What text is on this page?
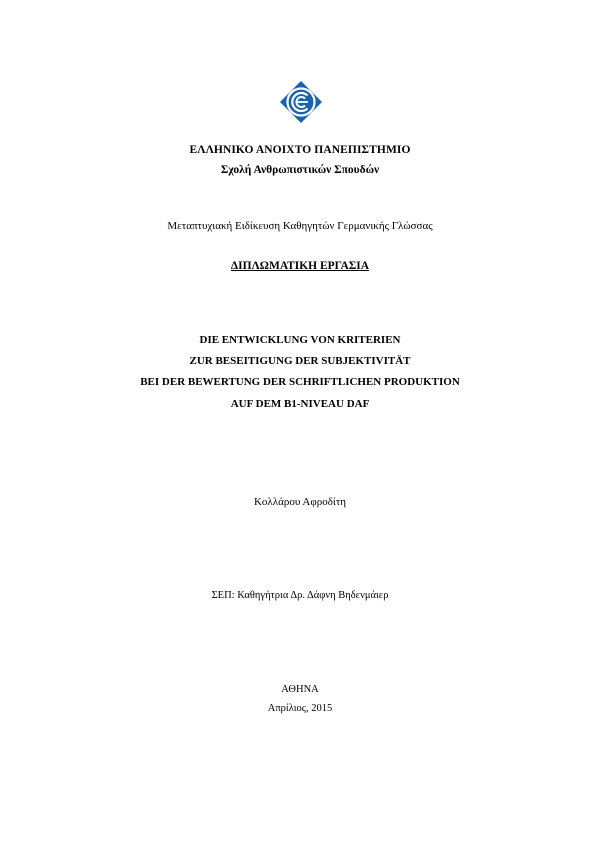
ΕΛΛΗΝΙΚΟ ΑΝΟΙΧΤΟ ΠΑΝΕΠΙΣΤΗΜΙΟ
Σχολή Ανθρωπιστικών Σπουδών
Μεταπτυχιακή Ειδίκευση Καθηγητών Γερμανικής Γλώσσας
ΔΙΠΛΩΜΑΤΙΚΗ ΕΡΓΑΣΙΑ
DIE ENTWICKLUNG VON KRITERIEN
ZUR BESEITIGUNG DER SUBJEKTIVITÄT
BEI DER BEWERTUNG DER SCHRIFTLICHEN PRODUKTION
AUF DEM B1-NIVEAU DAF
Κολλάρου Αφροδίτη
ΣΕΠ: Καθηγήτρια Δρ. Δάφνη Βηδενμάιερ
ΑΘΗΝΑ
Απρίλιος, 2015
